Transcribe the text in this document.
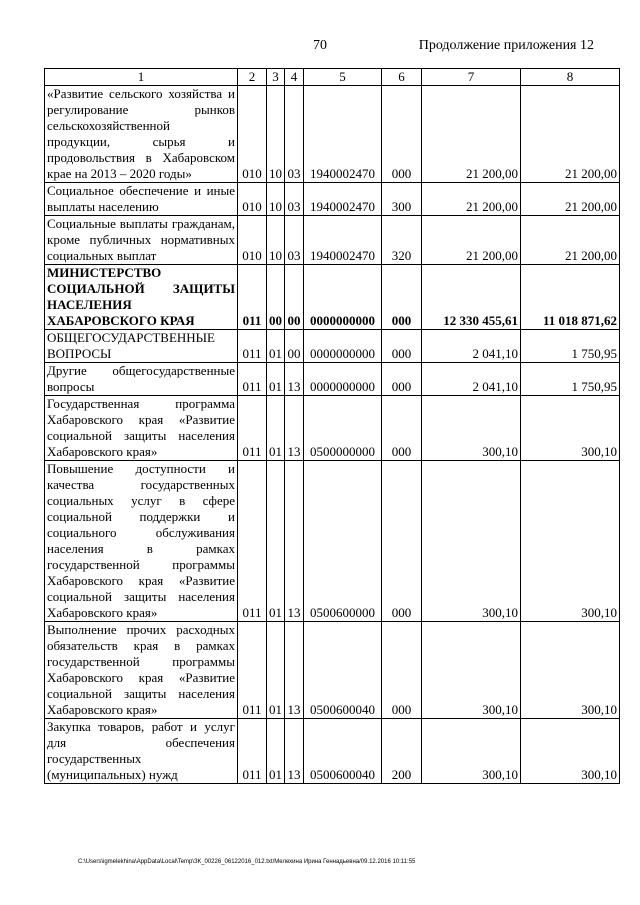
70	Продолжение приложения 12
1	2	3	4	5	6	7	8
«Развитие сельского хозяйства и регулирование рынков сельскохозяйственной продукции, сырья и продовольствия в Хабаровском крае на 2013 – 2020 годы»	010	10	03	1940002470	000	21 200,00	21 200,00
Социальное обеспечение и иные выплаты населению	010	10	03	1940002470	300	21 200,00	21 200,00
Социальные выплаты гражданам, кроме публичных нормативных социальных выплат	010	10	03	1940002470	320	21 200,00	21 200,00
МИНИСТЕРСТВО СОЦИАЛЬНОЙ ЗАЩИТЫ НАСЕЛЕНИЯ ХАБАРОВСКОГО КРАЯ	011	00	00	0000000000	000	12 330 455,61	11 018 871,62
ОБЩЕГОСУДАРСТВЕННЫЕ ВОПРОСЫ	011	01	00	0000000000	000	2 041,10	1 750,95
Другие общегосударственные вопросы	011	01	13	0000000000	000	2 041,10	1 750,95
Государственная программа Хабаровского края «Развитие социальной защиты населения Хабаровского края»	011	01	13	0500000000	000	300,10	300,10
Повышение доступности и качества государственных социальных услуг в сфере социальной поддержки и социального обслуживания населения в рамках государственной программы Хабаровского края «Развитие социальной защиты населения Хабаровского края»	011	01	13	0500600000	000	300,10	300,10
Выполнение прочих расходных обязательств края в рамках государственной программы Хабаровского края «Развитие социальной защиты населения Хабаровского края»	011	01	13	0500600040	000	300,10	300,10
Закупка товаров, работ и услуг для обеспечения государственных (муниципальных) нужд	011	01	13	0500600040	200	300,10	300,10
C:\Users\igmelekhina\AppData\Local\Temp\ЗК_00226_06122016_012.txt/Мелехина Ирина Геннадьевна/09.12.2016 10:11:55
